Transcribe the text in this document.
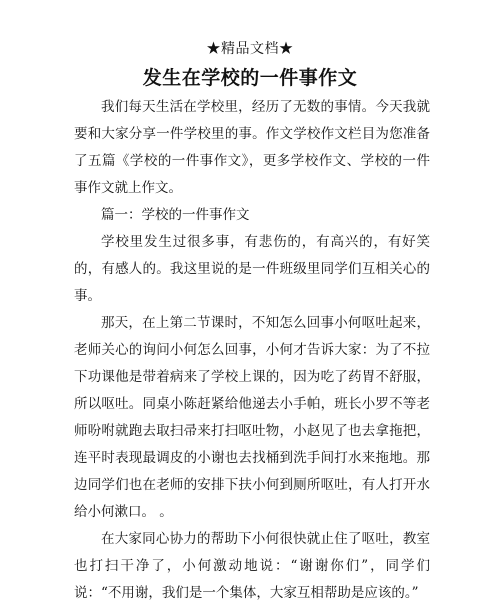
★精品文档★
发生在学校的一件事作文

我们每天生活在学校里，经历了无数的事情。今天我就要和大家分享一件学校里的事。作文学校作文栏目为您准备了五篇《学校的一件事作文》，更多学校作文、学校的一件事作文就上作文。

篇一：学校的一件事作文

学校里发生过很多事，有悲伤的，有高兴的，有好笑的，有感人的。我这里说的是一件班级里同学们互相关心的事。

那天，在上第二节课时，不知怎么回事小何呕吐起来，老师关心的询问小何怎么回事，小何才告诉大家：为了不拉下功课他是带着病来了学校上课的，因为吃了药胃不舒服，所以呕吐。同桌小陈赶紧给他递去小手帕，班长小罗不等老师吩咐就跑去取扫帚来打扫呕吐物，小赵见了也去拿拖把，连平时表现最调皮的小谢也去找桶到洗手间打水来拖地。那边同学们也在老师的安排下扶小何到厕所呕吐，有人打开水给小何漱口。 。

在大家同心协力的帮助下小何很快就止住了呕吐，教室也打扫干净了，小何激动地说：“谢谢你们”，同学们说：“不用谢，我们是一个集体，大家互相帮助是应该的。”
